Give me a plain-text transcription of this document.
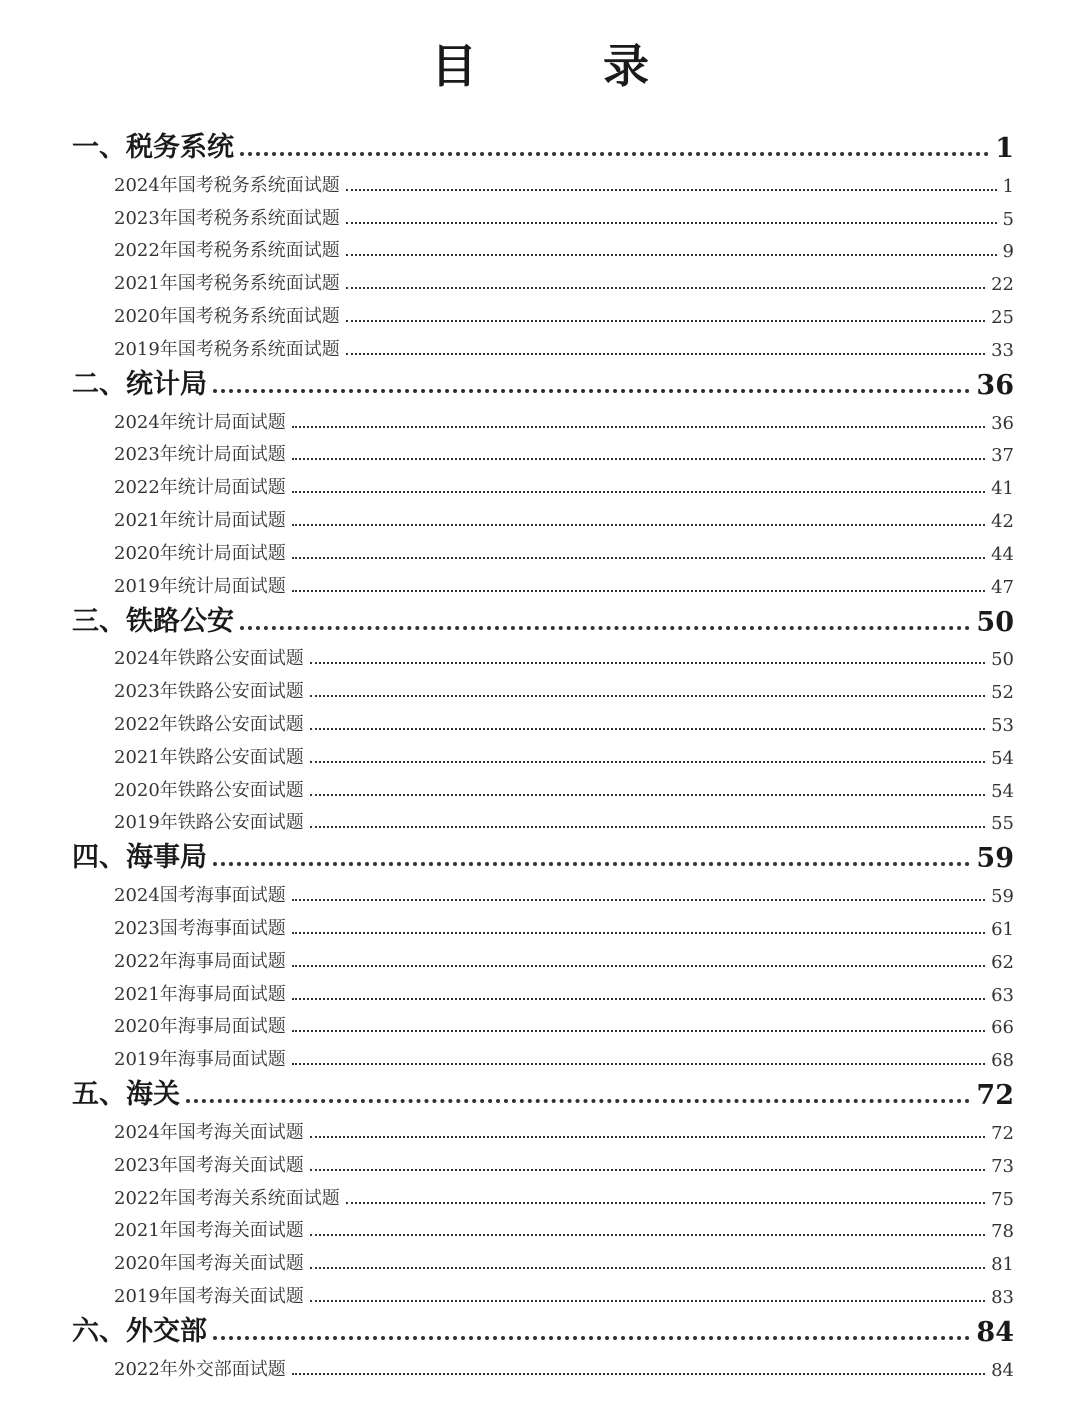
目　录
一、税务系统	1
2024年国考税务系统面试题	1
2023年国考税务系统面试题	5
2022年国考税务系统面试题	9
2021年国考税务系统面试题	22
2020年国考税务系统面试题	25
2019年国考税务系统面试题	33
二、统计局	36
2024年统计局面试题	36
2023年统计局面试题	37
2022年统计局面试题	41
2021年统计局面试题	42
2020年统计局面试题	44
2019年统计局面试题	47
三、铁路公安	50
2024年铁路公安面试题	50
2023年铁路公安面试题	52
2022年铁路公安面试题	53
2021年铁路公安面试题	54
2020年铁路公安面试题	54
2019年铁路公安面试题	55
四、海事局	59
2024国考海事面试题	59
2023国考海事面试题	61
2022年海事局面试题	62
2021年海事局面试题	63
2020年海事局面试题	66
2019年海事局面试题	68
五、海关	72
2024年国考海关面试题	72
2023年国考海关面试题	73
2022年国考海关系统面试题	75
2021年国考海关面试题	78
2020年国考海关面试题	81
2019年国考海关面试题	83
六、外交部	84
2022年外交部面试题	84
